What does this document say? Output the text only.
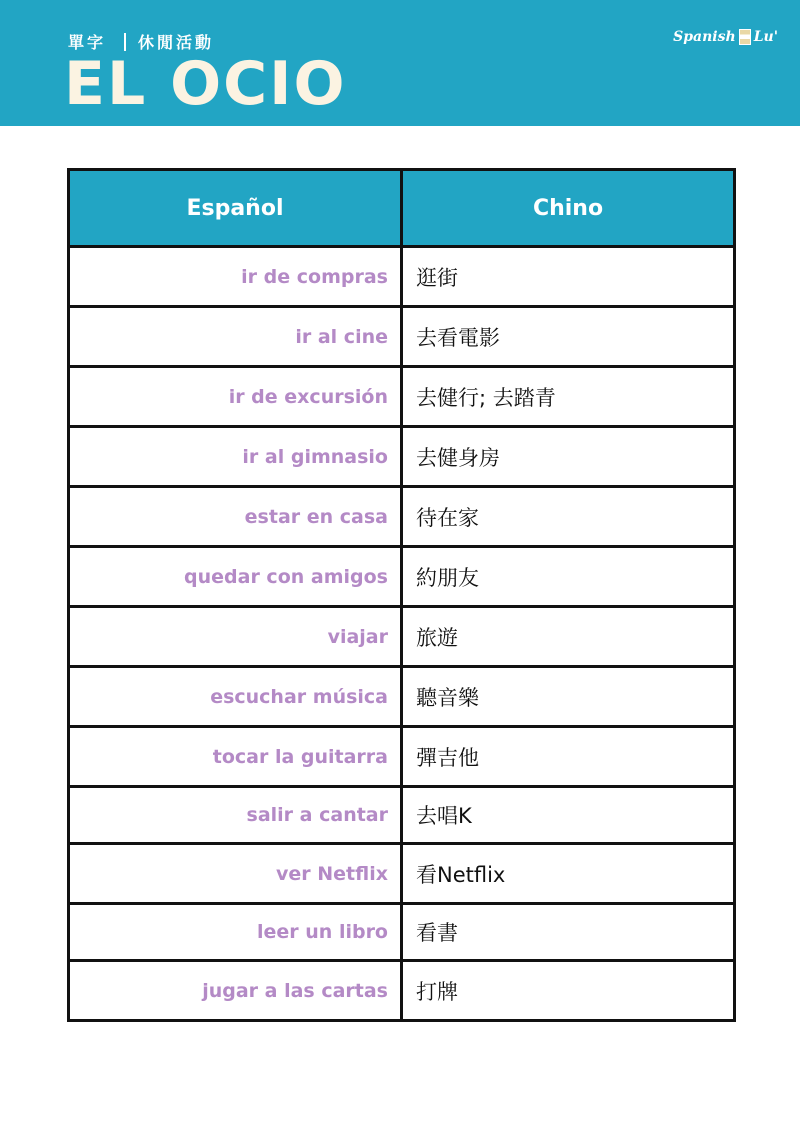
單字 休閒活動
EL OCIO
Spanish Lu'
Español	Chino
ir de compras	逛街
ir al cine	去看電影
ir de excursión	去健行; 去踏青
ir al gimnasio	去健身房
estar en casa	待在家
quedar con amigos	約朋友
viajar	旅遊
escuchar música	聽音樂
tocar la guitarra	彈吉他
salir a cantar	去唱K
ver Netflix	看Netflix
leer un libro	看書
jugar a las cartas	打牌
